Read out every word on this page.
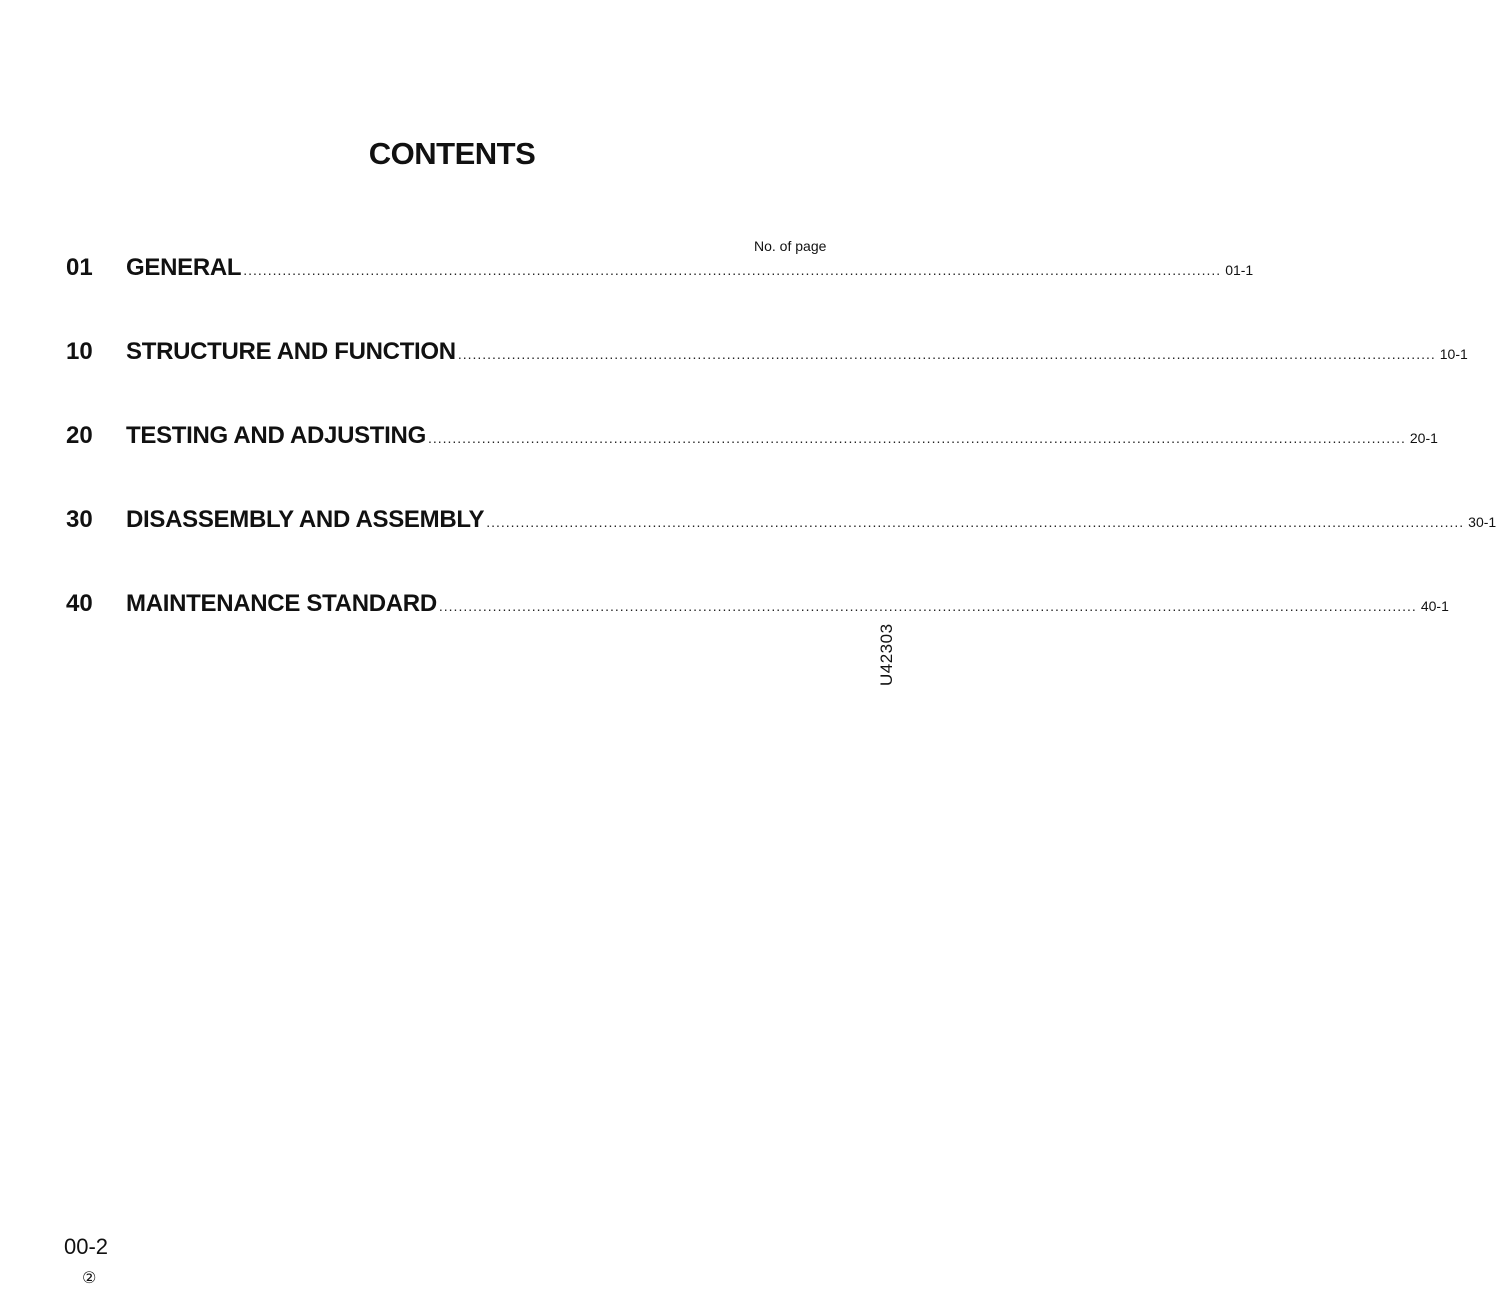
CONTENTS
No. of page
01	GENERAL ........................................................................................................................................................................................................ 01-1
10	STRUCTURE AND FUNCTION ........................................................................................................................................................................................................ 10-1
20	TESTING AND ADJUSTING ........................................................................................................................................................................................................ 20-1
30	DISASSEMBLY AND ASSEMBLY ........................................................................................................................................................................................................ 30-1
40	MAINTENANCE STANDARD ........................................................................................................................................................................................................ 40-1
U42303
00-2
②
